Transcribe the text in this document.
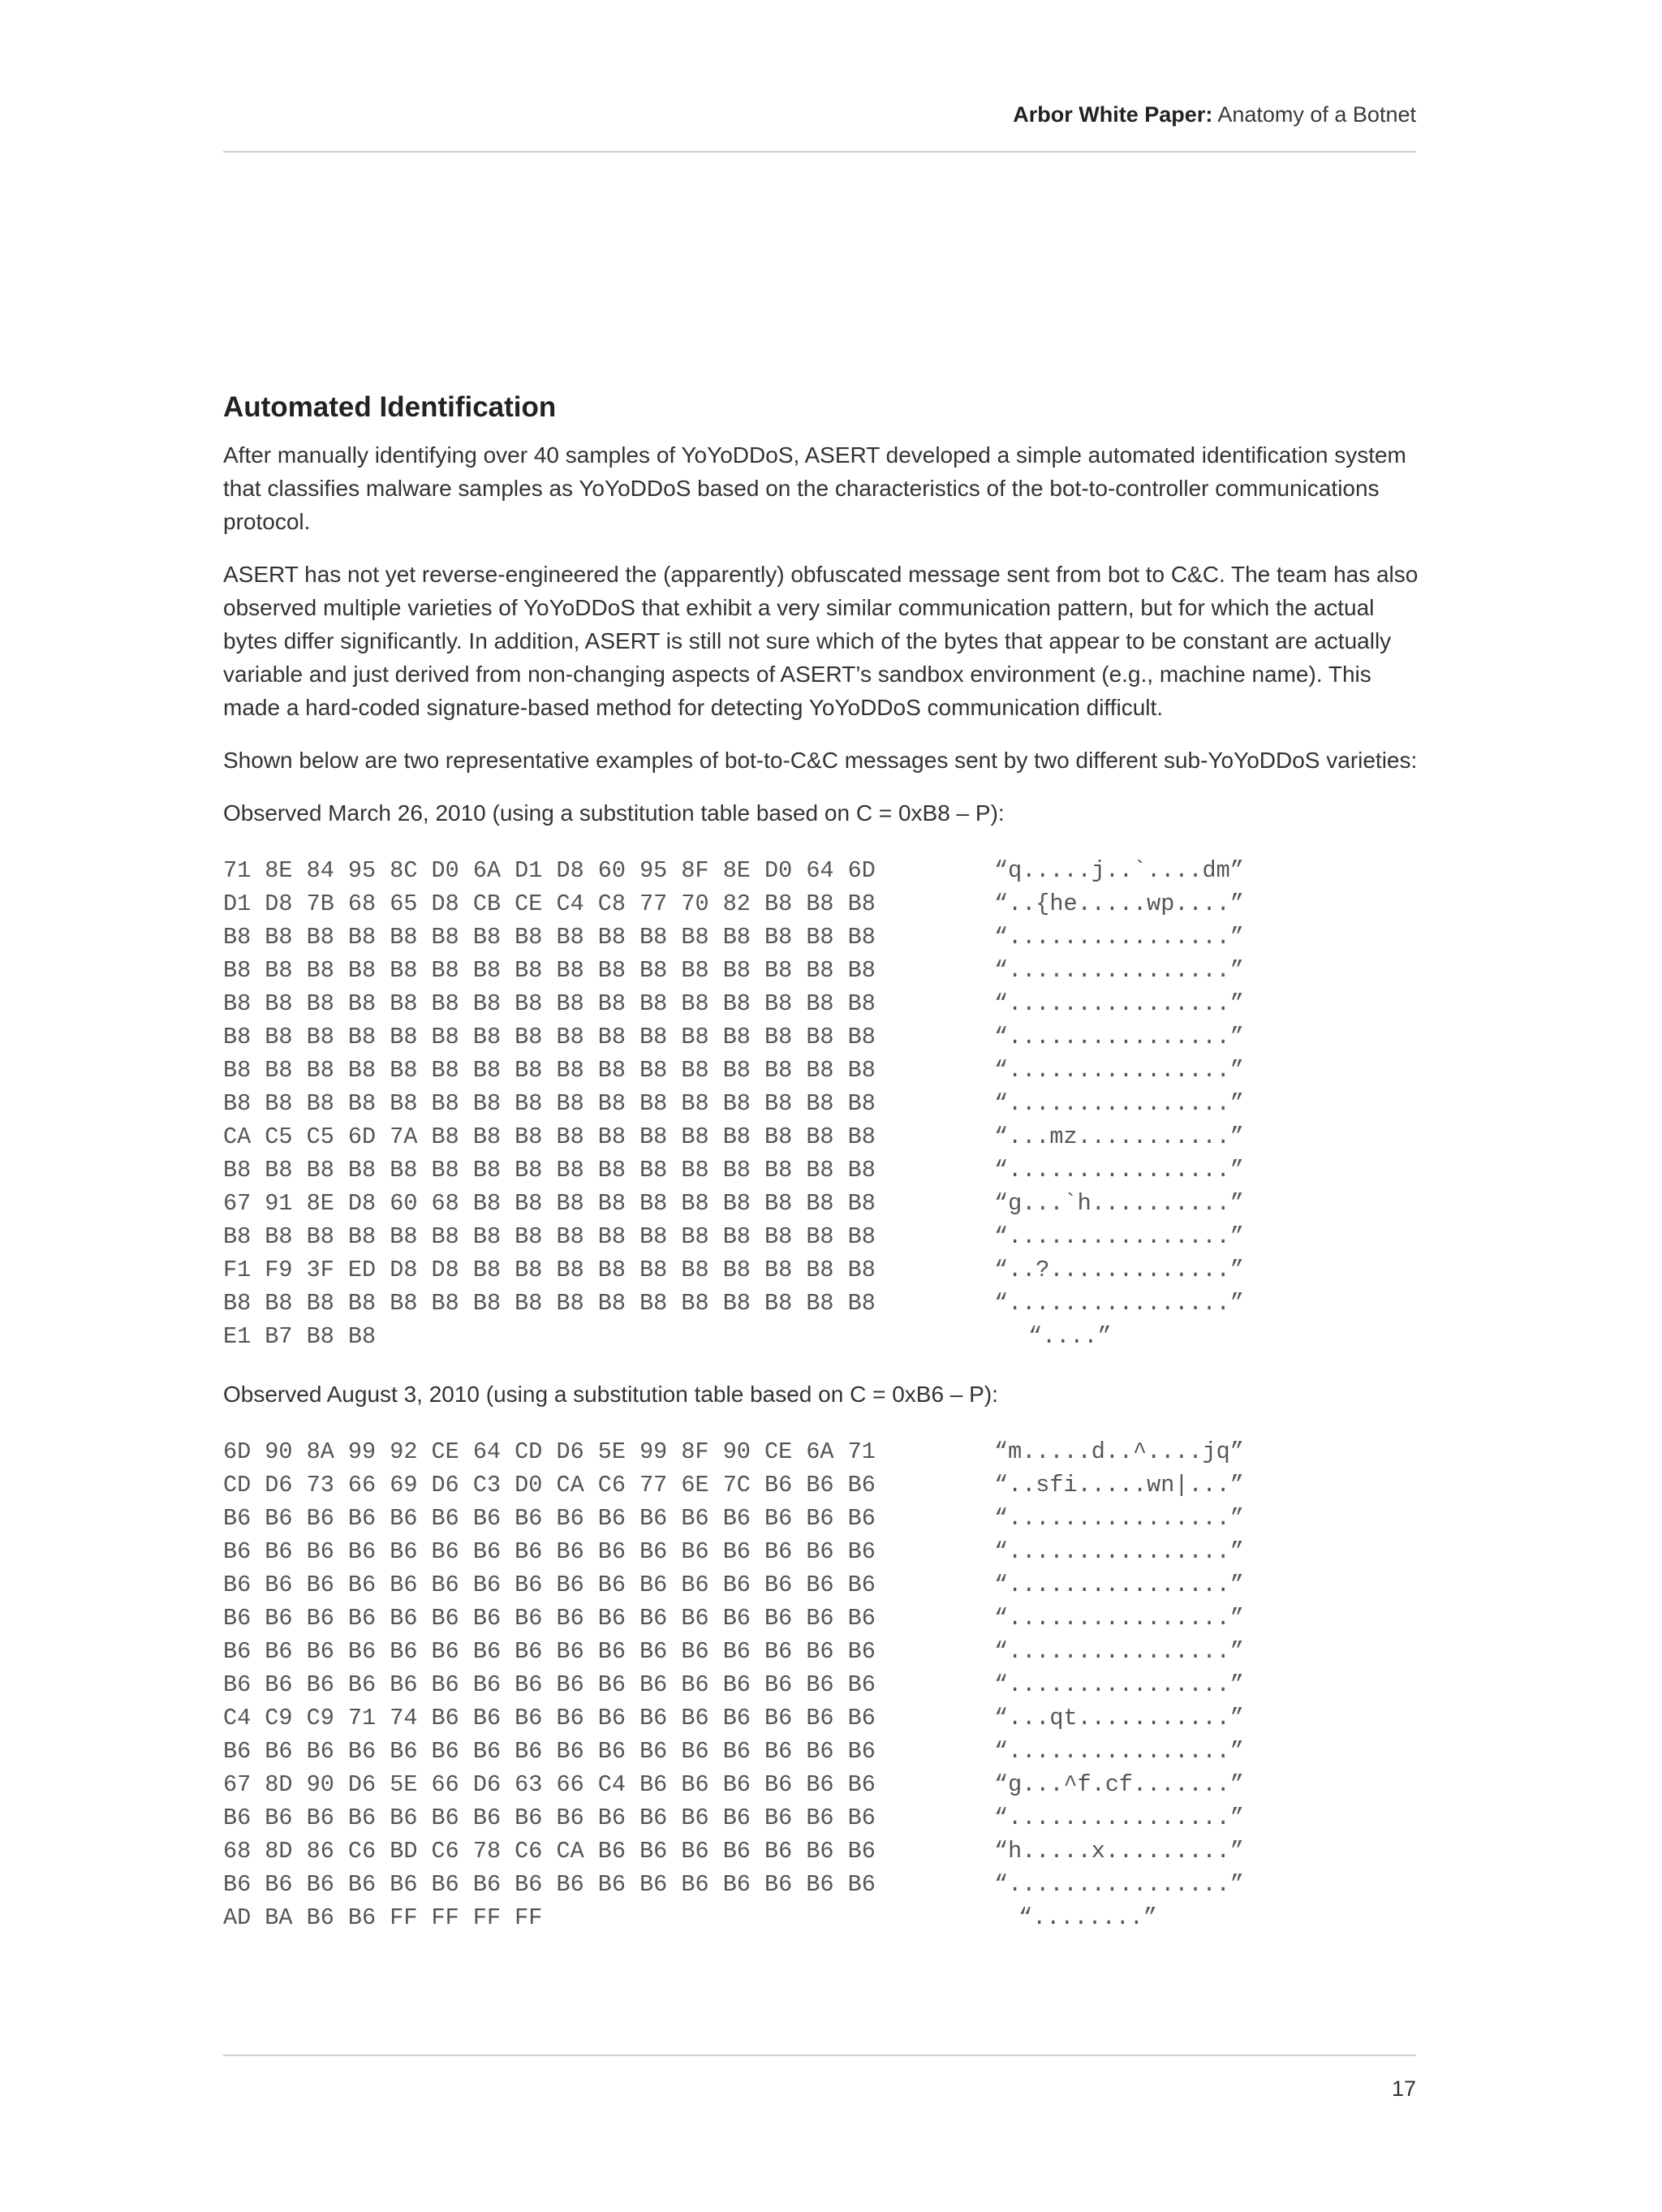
Arbor White Paper: Anatomy of a Botnet
Automated Identification

After manually identifying over 40 samples of YoYoDDoS, ASERT developed a simple automated identification system that classifies malware samples as YoYoDDoS based on the characteristics of the bot-to-controller communications protocol.

ASERT has not yet reverse-engineered the (apparently) obfuscated message sent from bot to C&C. The team has also observed multiple varieties of YoYoDDoS that exhibit a very similar communication pattern, but for which the actual bytes differ significantly. In addition, ASERT is still not sure which of the bytes that appear to be constant are actually variable and just derived from non-changing aspects of ASERT’s sandbox environment (e.g., machine name). This made a hard-coded signature-based method for detecting YoYoDDoS communication difficult.

Shown below are two representative examples of bot-to-C&C messages sent by two different sub-YoYoDDoS varieties:

Observed March 26, 2010 (using a substitution table based on C = 0xB8 – P):

71 8E 84 95 8C D0 6A D1 D8 60 95 8F 8E D0 64 6D	“q.....j..`....dm”
D1 D8 7B 68 65 D8 CB CE C4 C8 77 70 82 B8 B8 B8	“..{he.....wp....”
B8 B8 B8 B8 B8 B8 B8 B8 B8 B8 B8 B8 B8 B8 B8 B8	“................”
B8 B8 B8 B8 B8 B8 B8 B8 B8 B8 B8 B8 B8 B8 B8 B8	“................”
B8 B8 B8 B8 B8 B8 B8 B8 B8 B8 B8 B8 B8 B8 B8 B8	“................”
B8 B8 B8 B8 B8 B8 B8 B8 B8 B8 B8 B8 B8 B8 B8 B8	“................”
B8 B8 B8 B8 B8 B8 B8 B8 B8 B8 B8 B8 B8 B8 B8 B8	“................”
B8 B8 B8 B8 B8 B8 B8 B8 B8 B8 B8 B8 B8 B8 B8 B8	“................”
CA C5 C5 6D 7A B8 B8 B8 B8 B8 B8 B8 B8 B8 B8 B8	“...mz...........”
B8 B8 B8 B8 B8 B8 B8 B8 B8 B8 B8 B8 B8 B8 B8 B8	“................”
67 91 8E D8 60 68 B8 B8 B8 B8 B8 B8 B8 B8 B8 B8	“g...`h..........”
B8 B8 B8 B8 B8 B8 B8 B8 B8 B8 B8 B8 B8 B8 B8 B8	“................”
F1 F9 3F ED D8 D8 B8 B8 B8 B8 B8 B8 B8 B8 B8 B8	“..?.............”
B8 B8 B8 B8 B8 B8 B8 B8 B8 B8 B8 B8 B8 B8 B8 B8	“................”
E1 B7 B8 B8	“....”

Observed August 3, 2010 (using a substitution table based on C = 0xB6 – P):

6D 90 8A 99 92 CE 64 CD D6 5E 99 8F 90 CE 6A 71	“m.....d..^....jq”
CD D6 73 66 69 D6 C3 D0 CA C6 77 6E 7C B6 B6 B6	“..sfi.....wn|...”
B6 B6 B6 B6 B6 B6 B6 B6 B6 B6 B6 B6 B6 B6 B6 B6	“................”
B6 B6 B6 B6 B6 B6 B6 B6 B6 B6 B6 B6 B6 B6 B6 B6	“................”
B6 B6 B6 B6 B6 B6 B6 B6 B6 B6 B6 B6 B6 B6 B6 B6	“................”
B6 B6 B6 B6 B6 B6 B6 B6 B6 B6 B6 B6 B6 B6 B6 B6	“................”
B6 B6 B6 B6 B6 B6 B6 B6 B6 B6 B6 B6 B6 B6 B6 B6	“................”
B6 B6 B6 B6 B6 B6 B6 B6 B6 B6 B6 B6 B6 B6 B6 B6	“................”
C4 C9 C9 71 74 B6 B6 B6 B6 B6 B6 B6 B6 B6 B6 B6	“...qt...........”
B6 B6 B6 B6 B6 B6 B6 B6 B6 B6 B6 B6 B6 B6 B6 B6	“................”
67 8D 90 D6 5E 66 D6 63 66 C4 B6 B6 B6 B6 B6 B6	“g...^f.cf.......”
B6 B6 B6 B6 B6 B6 B6 B6 B6 B6 B6 B6 B6 B6 B6 B6	“................”
68 8D 86 C6 BD C6 78 C6 CA B6 B6 B6 B6 B6 B6 B6	“h.....x.........”
B6 B6 B6 B6 B6 B6 B6 B6 B6 B6 B6 B6 B6 B6 B6 B6	“................”
AD BA B6 B6 FF FF FF FF	“........”
17
